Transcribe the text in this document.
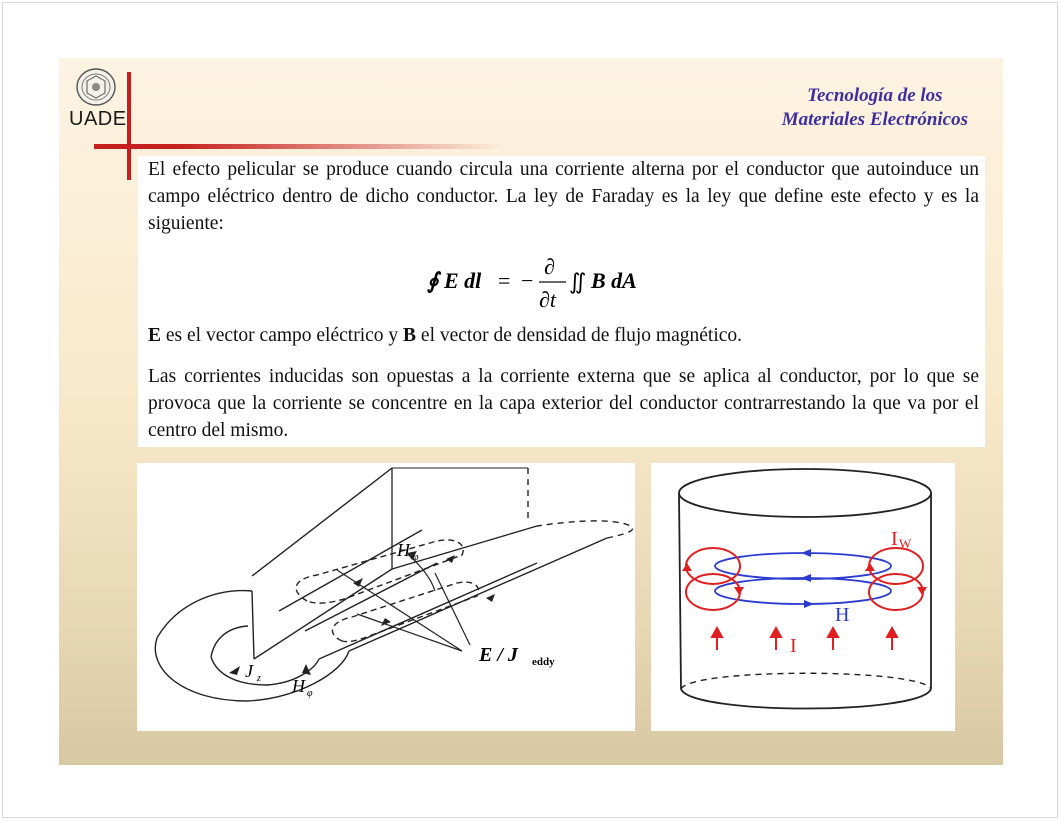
UADE
Tecnología de los
Materiales Electrónicos

El efecto pelicular se produce cuando circula una corriente alterna por el conductor que autoinduce un campo eléctrico dentro de dicho conductor. La ley de Faraday es la ley que define este efecto y es la siguiente:

∮ E dl = −
∂
∂t
∬ B dA

E es el vector campo eléctrico y B el vector de densidad de flujo magnético.

Las corrientes inducidas son opuestas a la corriente externa que se aplica al conductor, por lo que se provoca que la corriente se concentre en la capa exterior del conductor contrarrestando la que va por el centro del mismo.

H φ
E / J eddy
J z H φ
I W
H
I
